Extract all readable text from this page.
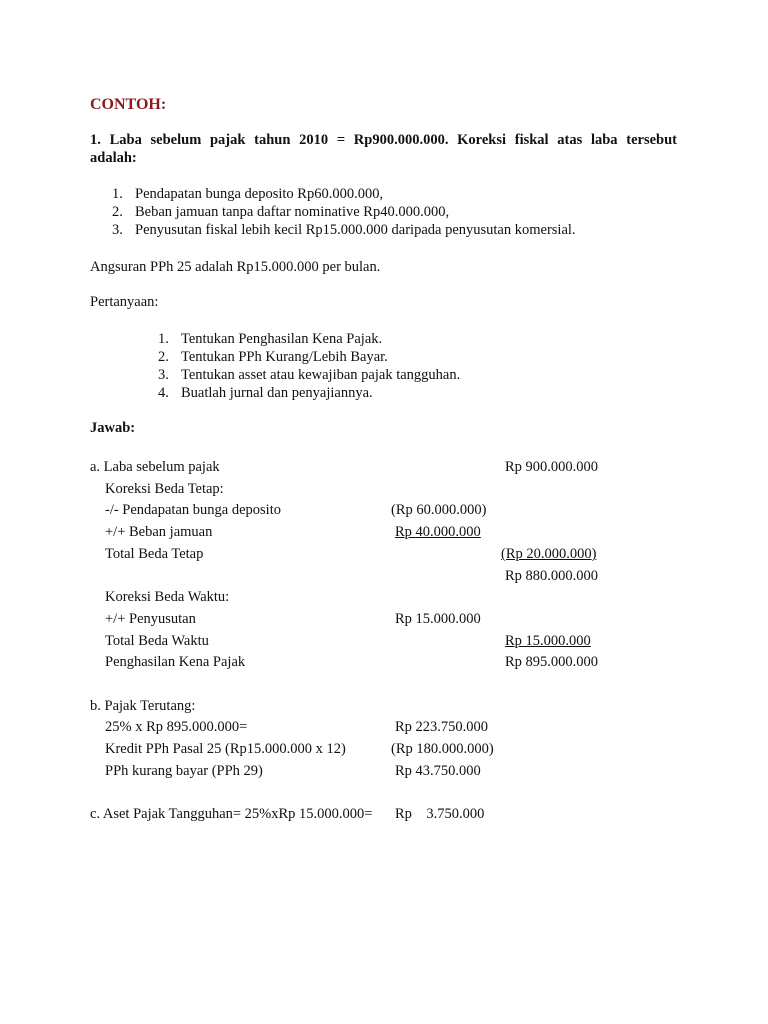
CONTOH:
1. Laba sebelum pajak tahun 2010 = Rp900.000.000. Koreksi fiskal atas laba tersebut
adalah:
1. Pendapatan bunga deposito Rp60.000.000,
2. Beban jamuan tanpa daftar nominative Rp40.000.000,
3. Penyusutan fiskal lebih kecil Rp15.000.000 daripada penyusutan komersial.
Angsuran PPh 25 adalah Rp15.000.000 per bulan.
Pertanyaan:
1. Tentukan Penghasilan Kena Pajak.
2. Tentukan PPh Kurang/Lebih Bayar.
3. Tentukan asset atau kewajiban pajak tangguhan.
4. Buatlah jurnal dan penyajiannya.
Jawab:
a. Laba sebelum pajak	Rp 900.000.000
Koreksi Beda Tetap:
-/- Pendapatan bunga deposito	(Rp 60.000.000)
+/+ Beban jamuan	Rp 40.000.000
Total Beda Tetap	(Rp 20.000.000)
Rp 880.000.000
Koreksi Beda Waktu:
+/+ Penyusutan	Rp 15.000.000
Total Beda Waktu	Rp 15.000.000
Penghasilan Kena Pajak	Rp 895.000.000
b. Pajak Terutang:
25% x Rp 895.000.000=	Rp 223.750.000
Kredit PPh Pasal 25 (Rp15.000.000 x 12)	(Rp 180.000.000)
PPh kurang bayar (PPh 29)	Rp 43.750.000
c. Aset Pajak Tangguhan= 25%xRp 15.000.000= Rp    3.750.000
